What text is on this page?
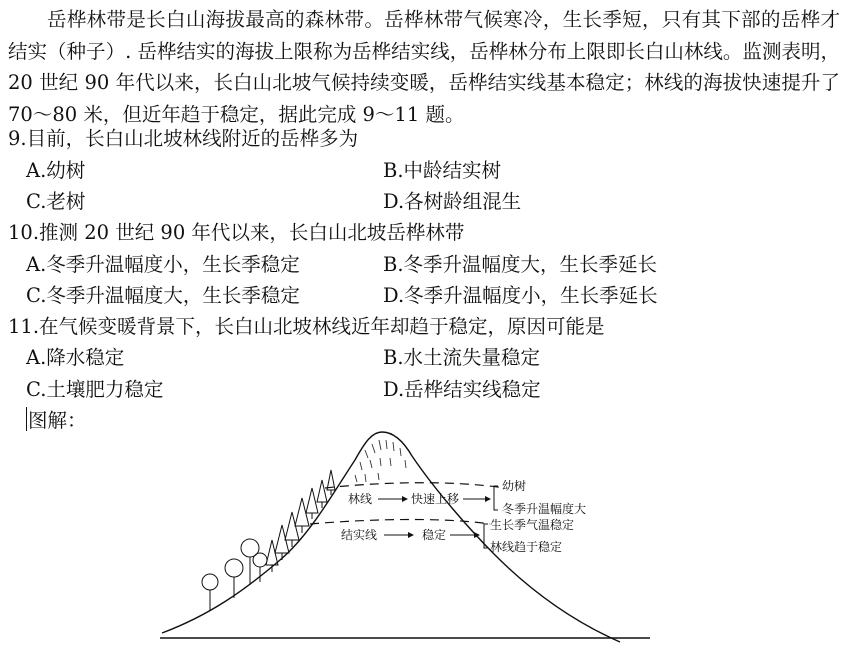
岳桦林带是长白山海拔最高的森林带。岳桦林带气候寒冷，生长季短，只有其下部的岳桦才结实（种子）. 岳桦结实的海拔上限称为岳桦结实线，岳桦林分布上限即长白山林线。监测表明，20 世纪 90 年代以来，长白山北坡气候持续变暖，岳桦结实线基本稳定；林线的海拔快速提升了 70～80 米，但近年趋于稳定，据此完成 9～11 题。

9.目前，长白山北坡林线附近的岳桦多为
A.幼树	B.中龄结实树
C.老树	D.各树龄组混生
10.推测 20 世纪 90 年代以来，长白山北坡岳桦林带
A.冬季升温幅度小，生长季稳定	B.冬季升温幅度大，生长季延长
C.冬季升温幅度大，生长季稳定	D.冬季升温幅度小，生长季延长
11.在气候变暖背景下，长白山北坡林线近年却趋于稳定，原因可能是
A.降水稳定	B.水土流失量稳定
C.土壤肥力稳定	D.岳桦结实线稳定
图解：
林线	快速上移
幼树
冬季升温幅度大
结实线	稳定
生长季气温稳定
林线趋于稳定
